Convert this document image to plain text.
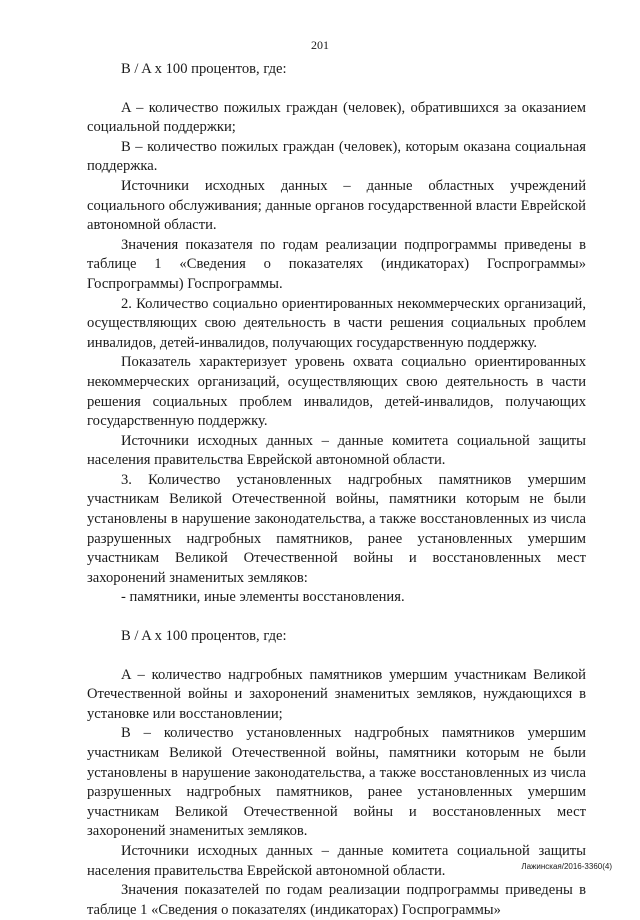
201

B / A х 100 процентов, где:

A – количество пожилых граждан (человек), обратившихся за оказанием социальной поддержки;

B – количество пожилых граждан (человек), которым оказана социальная поддержка.

Источники исходных данных – данные областных учреждений социального обслуживания; данные органов государственной власти Еврейской автономной области.

Значения показателя по годам реализации подпрограммы приведены в таблице 1 «Сведения о показателях (индикаторах) Госпрограммы» Госпрограммы) Госпрограммы.

2. Количество социально ориентированных некоммерческих организаций, осуществляющих свою деятельность в части решения социальных проблем инвалидов, детей-инвалидов, получающих государственную поддержку.

Показатель характеризует уровень охвата социально ориентированных некоммерческих организаций, осуществляющих свою деятельность в части решения социальных проблем инвалидов, детей-инвалидов, получающих государственную поддержку.

Источники исходных данных – данные комитета социальной защиты населения правительства Еврейской автономной области.

3. Количество установленных надгробных памятников умершим участникам Великой Отечественной войны, памятники которым не были установлены в нарушение законодательства, а также восстановленных из числа разрушенных надгробных памятников, ранее установленных умершим участникам Великой Отечественной войны и восстановленных мест захоронений знаменитых земляков:

- памятники, иные элементы восстановления.

B / A х 100 процентов, где:

A – количество надгробных памятников умершим участникам Великой Отечественной войны и захоронений знаменитых земляков, нуждающихся в установке или восстановлении;

B – количество установленных надгробных памятников умершим участникам Великой Отечественной войны, памятники которым не были установлены в нарушение законодательства, а также восстановленных из числа разрушенных надгробных памятников, ранее установленных умершим участникам Великой Отечественной войны и восстановленных мест захоронений знаменитых земляков.

Источники исходных данных – данные комитета социальной защиты населения правительства Еврейской автономной области.

Значения показателей по годам реализации подпрограммы приведены в таблице 1 «Сведения о показателях (индикаторах) Госпрограммы»

Лажинская/2016-3360(4)
